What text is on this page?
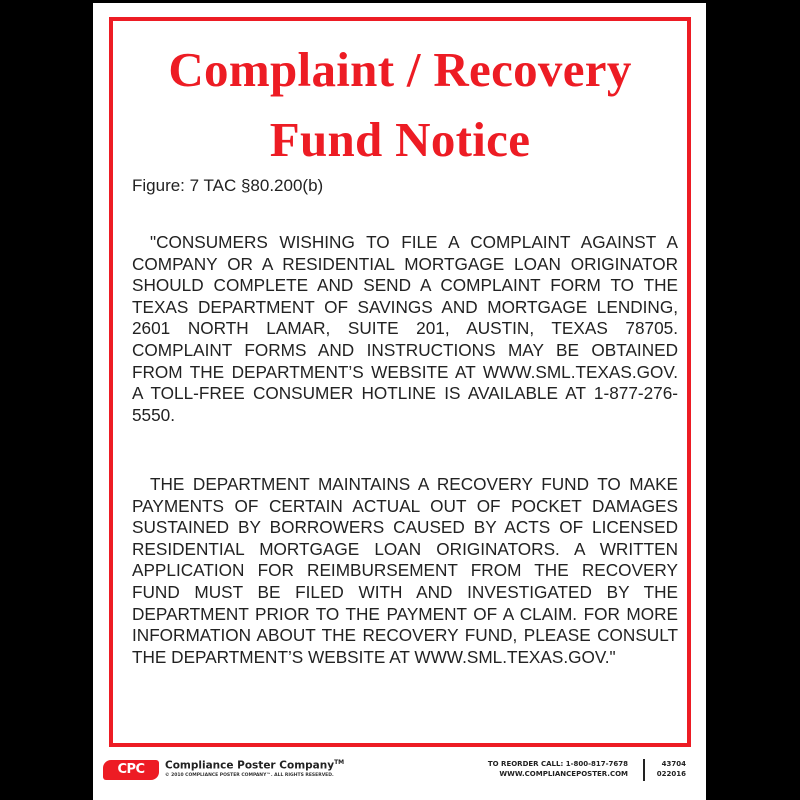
Complaint / Recovery
Fund Notice
Figure: 7 TAC §80.200(b)

"CONSUMERS WISHING TO FILE A COMPLAINT AGAINST A COMPANY OR A RESIDENTIAL MORTGAGE LOAN ORIGINATOR SHOULD COMPLETE AND SEND A COMPLAINT FORM TO THE TEXAS DEPARTMENT OF SAVINGS AND MORTGAGE LENDING, 2601 NORTH LAMAR, SUITE 201, AUSTIN, TEXAS 78705. COMPLAINT FORMS AND INSTRUCTIONS MAY BE OBTAINED FROM THE DEPARTMENT’S WEBSITE AT WWW.SML.TEXAS.GOV. A TOLL-FREE CONSUMER HOTLINE IS AVAILABLE AT 1-877-276-5550.

THE DEPARTMENT MAINTAINS A RECOVERY FUND TO MAKE PAYMENTS OF CERTAIN ACTUAL OUT OF POCKET DAMAGES SUSTAINED BY BORROWERS CAUSED BY ACTS OF LICENSED RESIDENTIAL MORTGAGE LOAN ORIGINATORS. A WRITTEN APPLICATION FOR REIMBURSEMENT FROM THE RECOVERY FUND MUST BE FILED WITH AND INVESTIGATED BY THE DEPARTMENT PRIOR TO THE PAYMENT OF A CLAIM. FOR MORE INFORMATION ABOUT THE RECOVERY FUND, PLEASE CONSULT THE DEPARTMENT’S WEBSITE AT WWW.SML.TEXAS.GOV."

CPC	Compliance Poster Company™
© 2010 COMPLIANCE POSTER COMPANY™. ALL RIGHTS RESERVED.
TO REORDER CALL: 1-800-817-7678
WWW.COMPLIANCEPOSTER.COM
43704
022016
